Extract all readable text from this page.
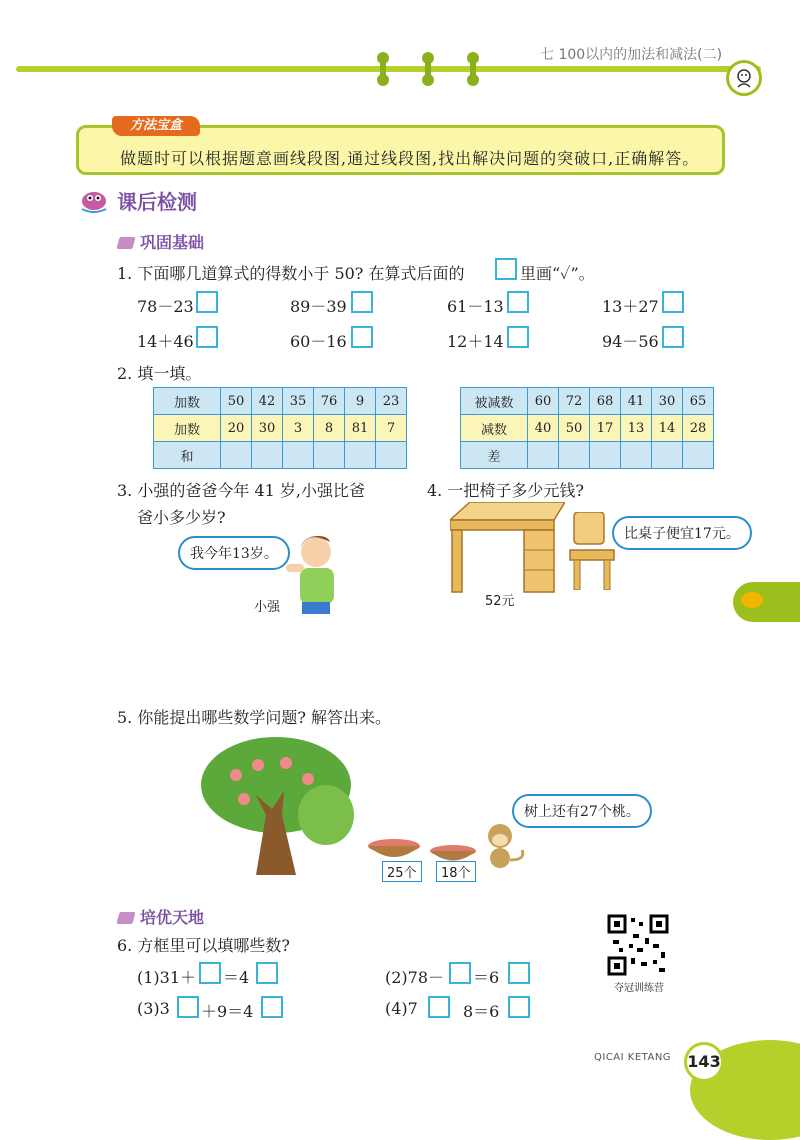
七 100以内的加法和减法(二)
方法宝盒
做题时可以根据题意画线段图,通过线段图,找出解决问题的突破口,正确解答。
课后检测
巩固基础
1. 下面哪几道算式的得数小于 50? 在算式后面的	里画“✓”。
78－23	89－39	61－13	13＋27
14＋46	60－16	12＋14	94－56
2. 填一填。
加数	50	42	35	76	9	23
加数	20	30	3	8	81	7
和						
被减数	60	72	68	41	30	65
减数	40	50	17	13	14	28
差						
3. 小强的爸爸今年 41 岁,小强比爸
爸小多少岁?
我今年13岁。
小强
4. 一把椅子多少元钱?
比桌子便宜17元。
52元
5. 你能提出哪些数学问题? 解答出来。
25个	18个
树上还有27个桃。
培优天地
6. 方框里可以填哪些数?
(1)31＋ ＝4	(2)78－ ＝6
(3)3 ＋9＝4	(4)7	8＝6
夺冠训练营
QICAI KETANG 143
